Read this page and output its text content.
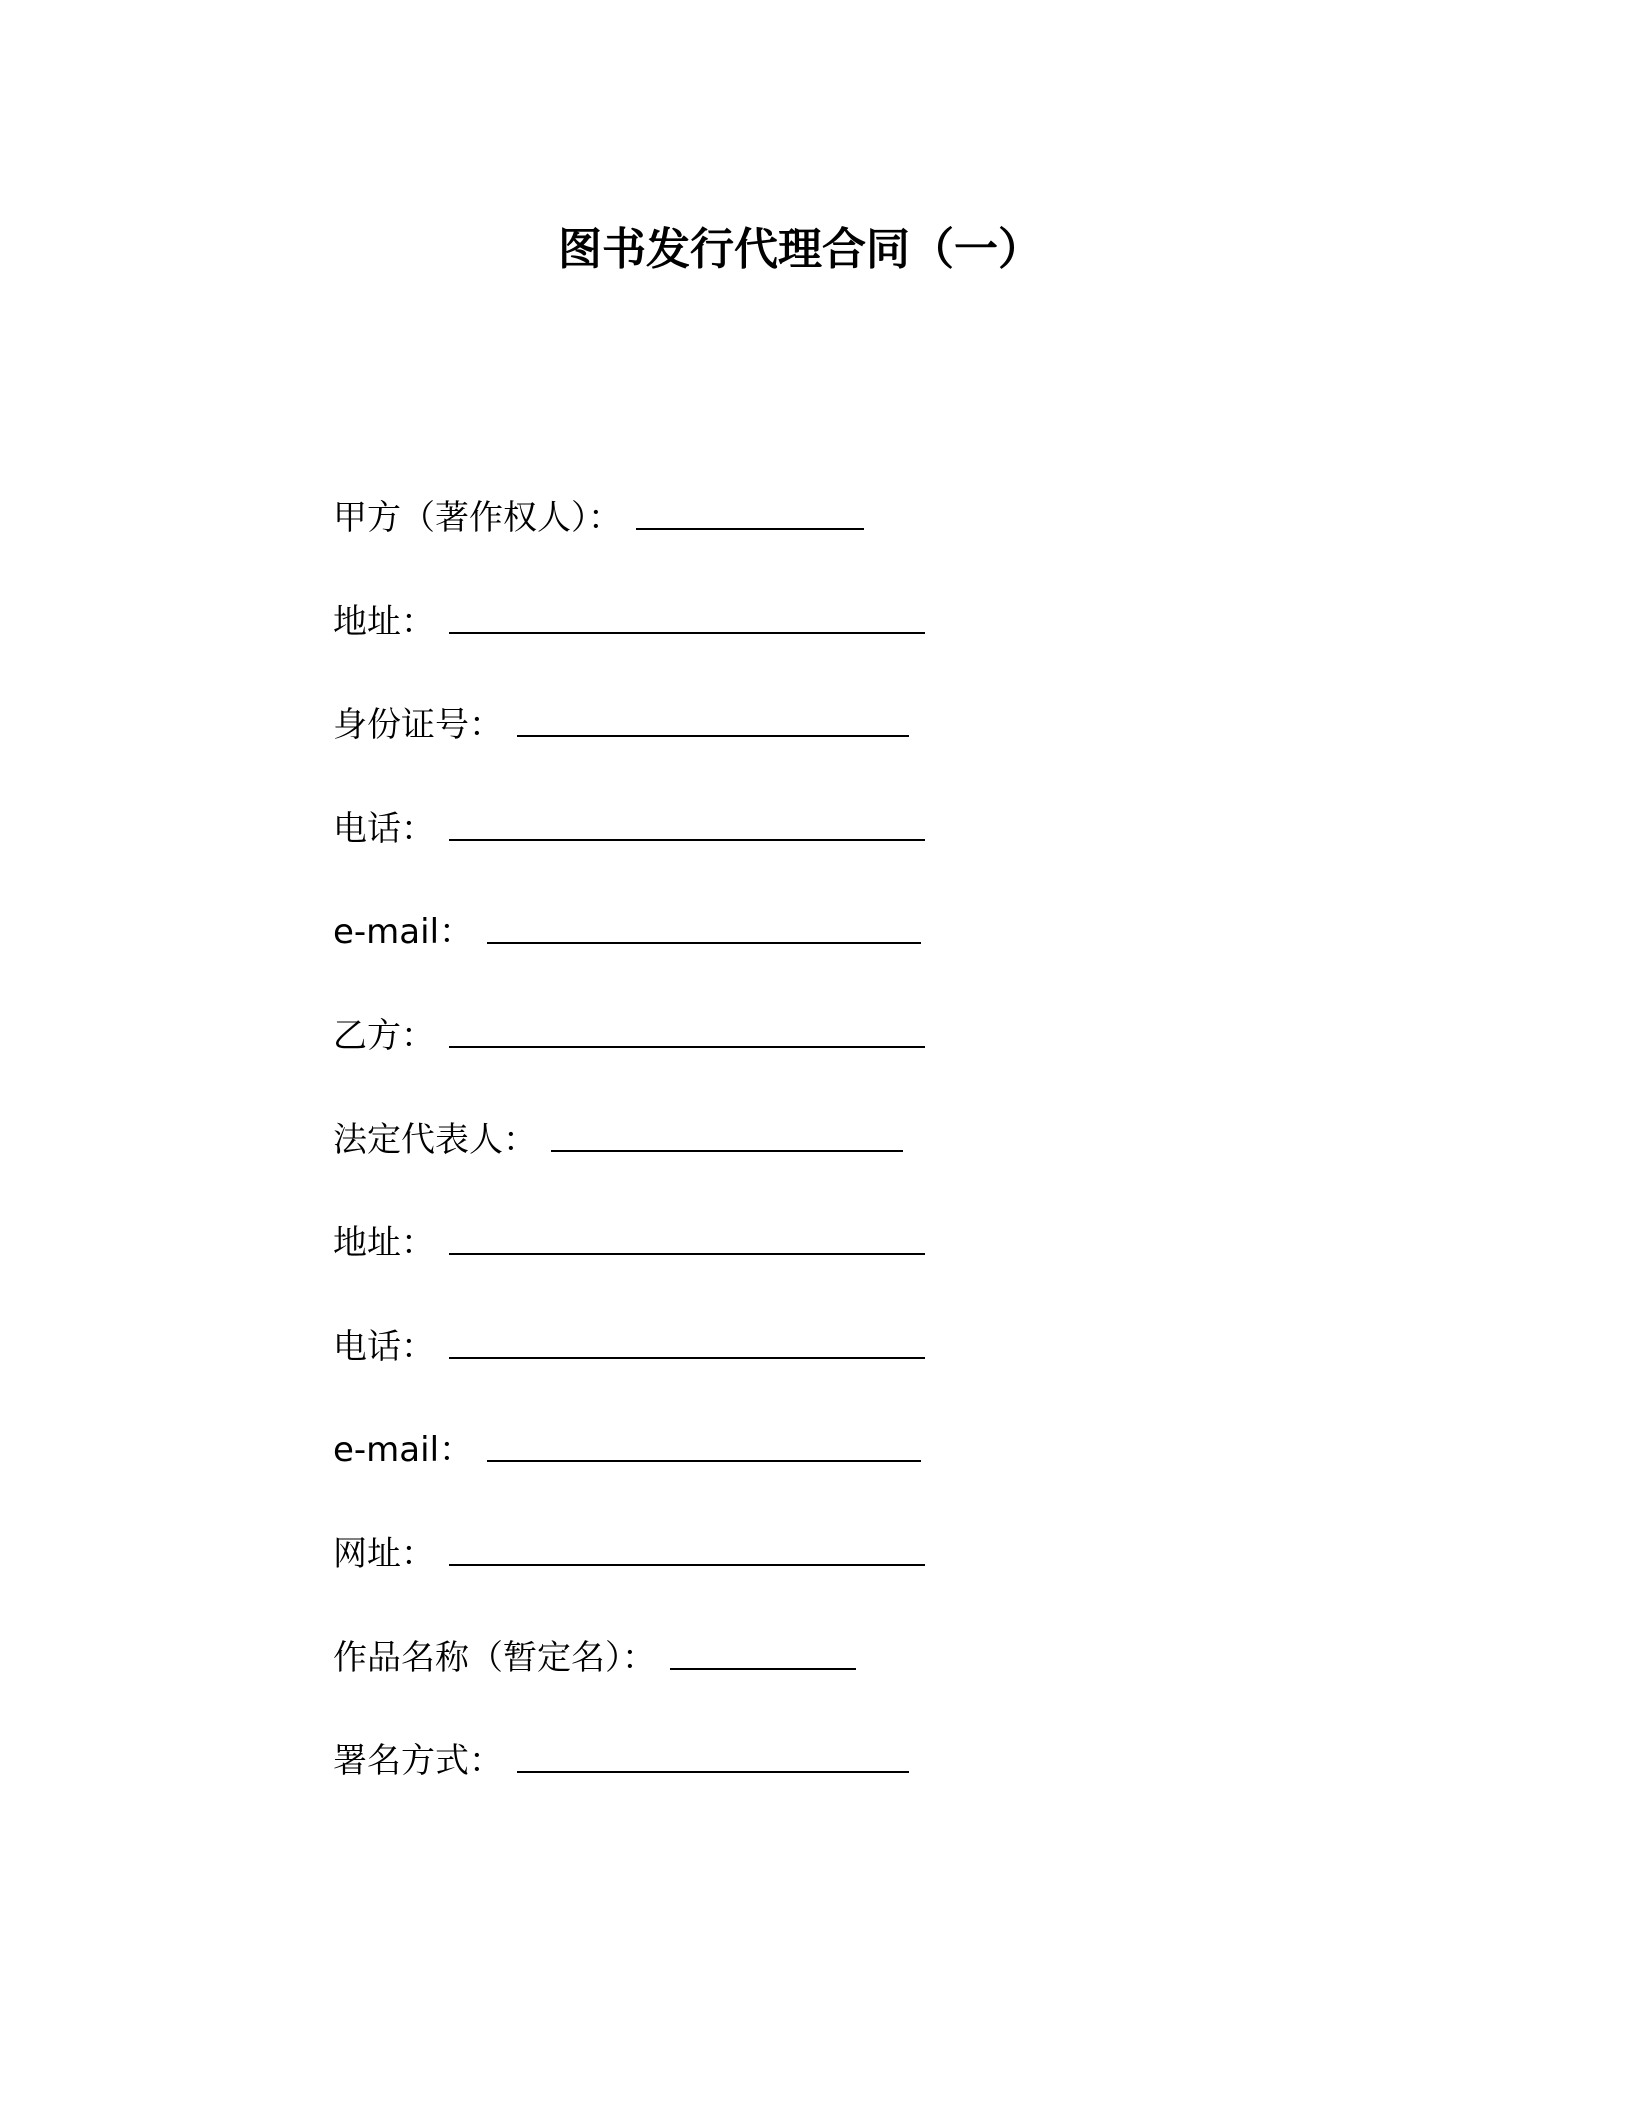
图书发行代理合同（一）
甲方（著作权人）：
地址：
身份证号：
电话：
e-mail：
乙方：
法定代表人：
地址：
电话：
e-mail：
网址：
作品名称（暂定名）：
署名方式：
